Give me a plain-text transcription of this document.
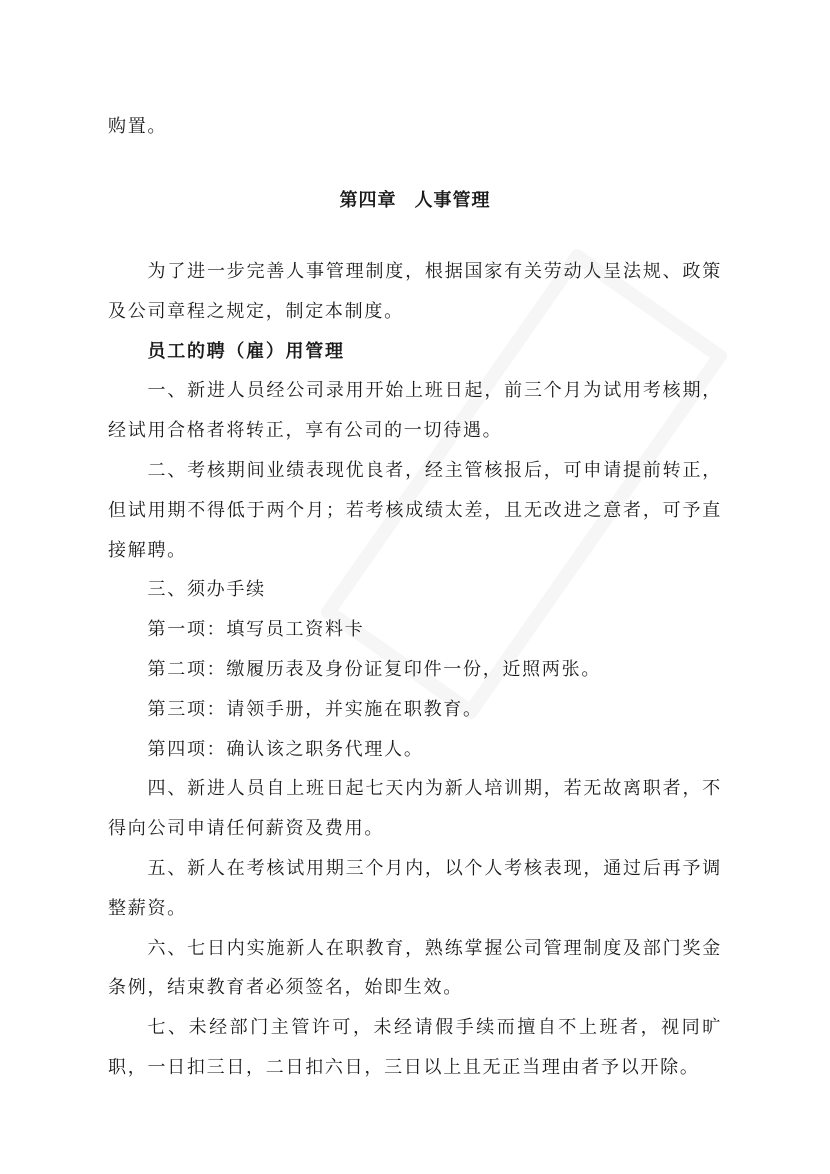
购置。
第四章 人事管理

为了进一步完善人事管理制度，根据国家有关劳动人呈法规、政策及公司章程之规定，制定本制度。

员工的聘（雇）用管理

一、新进人员经公司录用开始上班日起，前三个月为试用考核期，经试用合格者将转正，享有公司的一切待遇。

二、考核期间业绩表现优良者，经主管核报后，可申请提前转正，但试用期不得低于两个月；若考核成绩太差，且无改进之意者，可予直接解聘。

三、须办手续

第一项：填写员工资料卡

第二项：缴履历表及身份证复印件一份，近照两张。

第三项：请领手册，并实施在职教育。

第四项：确认该之职务代理人。

四、新进人员自上班日起七天内为新人培训期，若无故离职者，不得向公司申请任何薪资及费用。

五、新人在考核试用期三个月内，以个人考核表现，通过后再予调整薪资。

六、七日内实施新人在职教育，熟练掌握公司管理制度及部门奖金条例，结束教育者必须签名，始即生效。

七、未经部门主管许可，未经请假手续而擅自不上班者，视同旷职，一日扣三日，二日扣六日，三日以上且无正当理由者予以开除。
